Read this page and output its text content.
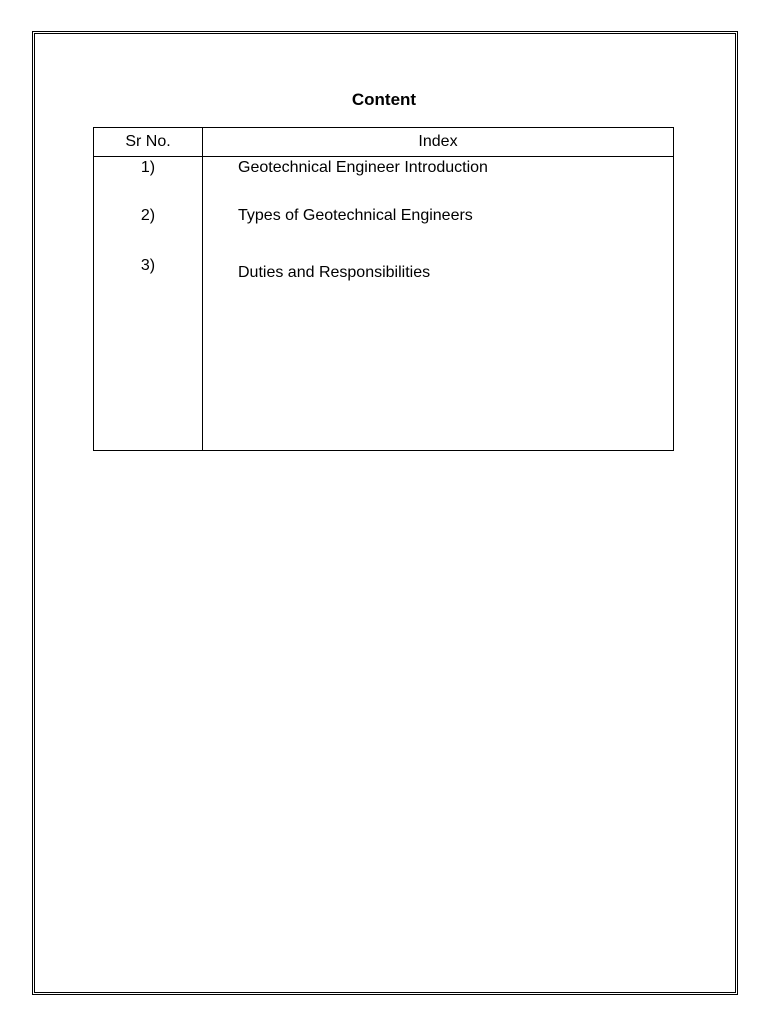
Content
Sr No.	Index
1)	Geotechnical Engineer Introduction
2)	Types of Geotechnical Engineers
3)	Duties and Responsibilities
